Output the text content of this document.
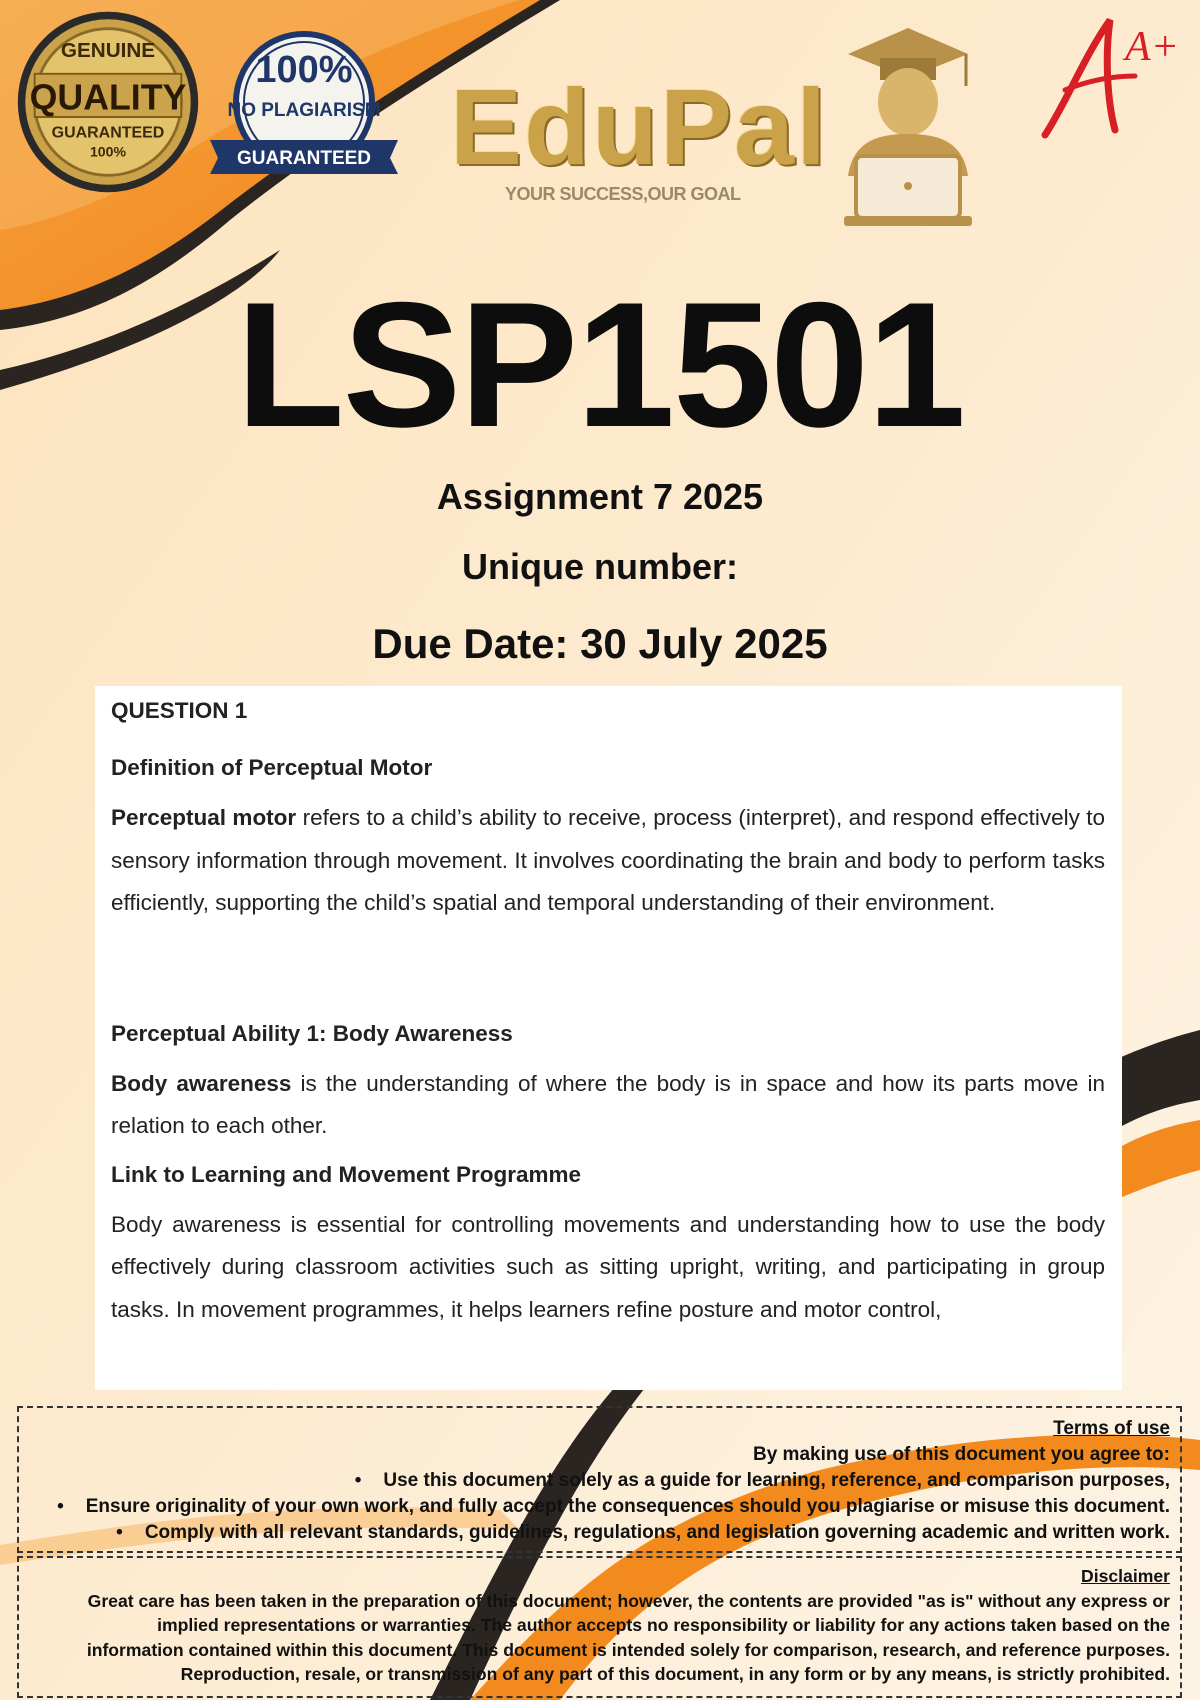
GENUINE
QUALITY
GUARANTEED
100%
100%
NO PLAGIARISM
GUARANTEED EduPal
YOUR SUCCESS,OUR GOAL
A+
LSP1501
Assignment 7 2025
Unique number:
Due Date: 30 July 2025

QUESTION 1

Definition of Perceptual Motor

Perceptual motor refers to a child’s ability to receive, process (interpret), and respond effectively to sensory information through movement. It involves coordinating the brain and body to perform tasks efficiently, supporting the child’s spatial and temporal understanding of their environment.

Perceptual Ability 1: Body Awareness

Body awareness is the understanding of where the body is in space and how its parts move in relation to each other.

Link to Learning and Movement Programme

Body awareness is essential for controlling movements and understanding how to use the body effectively during classroom activities such as sitting upright, writing, and participating in group tasks. In movement programmes, it helps learners refine posture and motor control,

Terms of use
By making use of this document you agree to:
• Use this document solely as a guide for learning, reference, and comparison purposes,
• Ensure originality of your own work, and fully accept the consequences should you plagiarise or misuse this document.
• Comply with all relevant standards, guidelines, regulations, and legislation governing academic and written work.
Disclaimer
Great care has been taken in the preparation of this document; however, the contents are provided "as is" without any express or
implied representations or warranties. The author accepts no responsibility or liability for any actions taken based on the
information contained within this document. This document is intended solely for comparison, research, and reference purposes.
Reproduction, resale, or transmission of any part of this document, in any form or by any means, is strictly prohibited.
